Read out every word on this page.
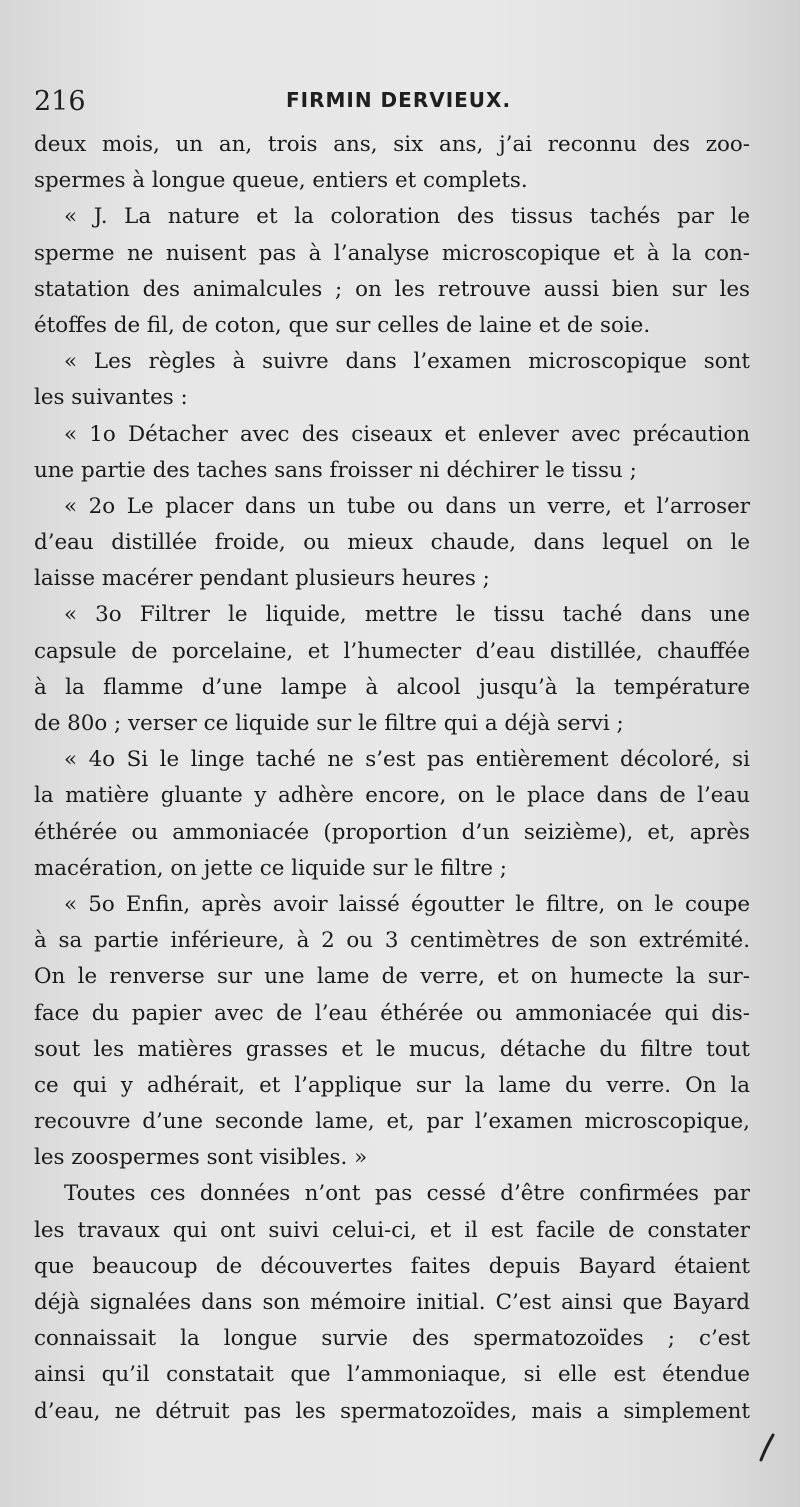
216	FIRMIN DERVIEUX.
deux mois, un an, trois ans, six ans, j’ai reconnu des zoo-
spermes à longue queue, entiers et complets.
« J. La nature et la coloration des tissus tachés par le
sperme ne nuisent pas à l’analyse microscopique et à la con-
statation des animalcules ; on les retrouve aussi bien sur les
étoffes de fil, de coton, que sur celles de laine et de soie.
« Les règles à suivre dans l’examen microscopique sont
les suivantes :
« 1o Détacher avec des ciseaux et enlever avec précaution
une partie des taches sans froisser ni déchirer le tissu ;
« 2o Le placer dans un tube ou dans un verre, et l’arroser
d’eau distillée froide, ou mieux chaude, dans lequel on le
laisse macérer pendant plusieurs heures ;
« 3o Filtrer le liquide, mettre le tissu taché dans une
capsule de porcelaine, et l’humecter d’eau distillée, chauffée
à la flamme d’une lampe à alcool jusqu’à la température
de 80o ; verser ce liquide sur le filtre qui a déjà servi ;
« 4o Si le linge taché ne s’est pas entièrement décoloré, si
la matière gluante y adhère encore, on le place dans de l’eau
éthérée ou ammoniacée (proportion d’un seizième), et, après
macération, on jette ce liquide sur le filtre ;
« 5o Enfin, après avoir laissé égoutter le filtre, on le coupe
à sa partie inférieure, à 2 ou 3 centimètres de son extrémité.
On le renverse sur une lame de verre, et on humecte la sur-
face du papier avec de l’eau éthérée ou ammoniacée qui dis-
sout les matières grasses et le mucus, détache du filtre tout
ce qui y adhérait, et l’applique sur la lame du verre. On la
recouvre d’une seconde lame, et, par l’examen microscopique,
les zoospermes sont visibles. »
Toutes ces données n’ont pas cessé d’être confirmées par
les travaux qui ont suivi celui-ci, et il est facile de constater
que beaucoup de découvertes faites depuis Bayard étaient
déjà signalées dans son mémoire initial. C’est ainsi que Bayard
connaissait la longue survie des spermatozoïdes ; c’est
ainsi qu’il constatait que l’ammoniaque, si elle est étendue
d’eau, ne détruit pas les spermatozoïdes, mais a simplement
